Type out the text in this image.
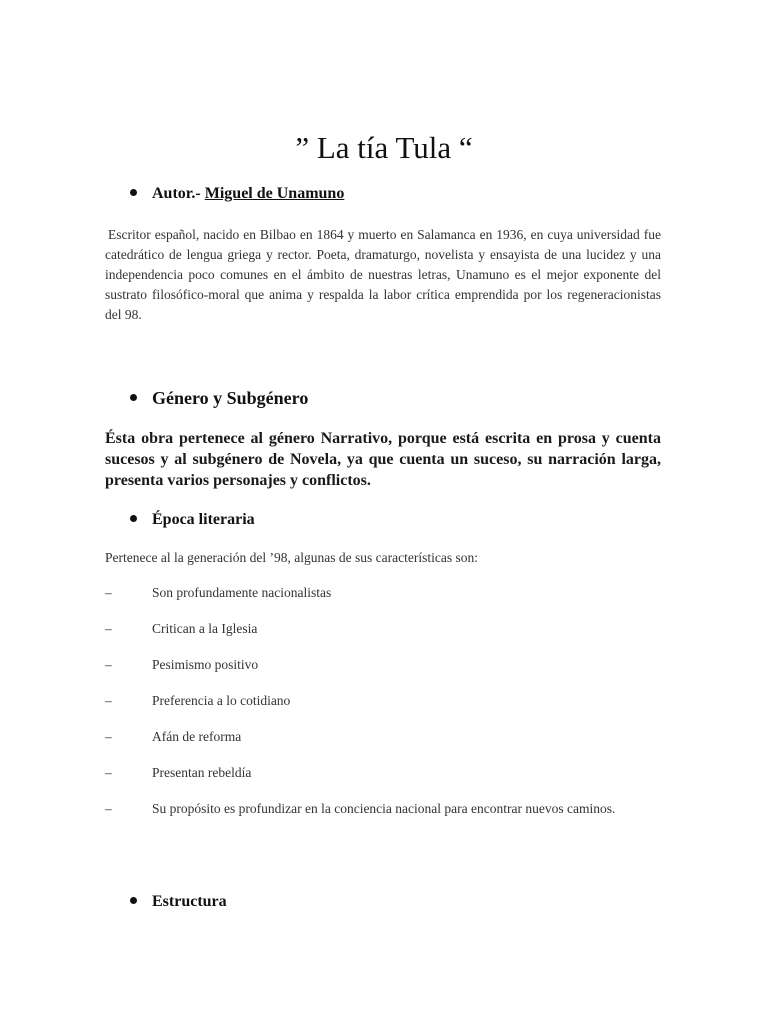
” La tía Tula “
Autor.- Miguel de Unamuno

Escritor español, nacido en Bilbao en 1864 y muerto en Salamanca en 1936, en cuya universidad fue catedrático de lengua griega y rector. Poeta, dramaturgo, novelista y ensayista de una lucidez y una independencia poco comunes en el ámbito de nuestras letras, Unamuno es el mejor exponente del sustrato filosófico-moral que anima y respalda la labor crítica emprendida por los regeneracionistas del 98.

Género y Subgénero

Ésta obra pertenece al género Narrativo, porque está escrita en prosa y cuenta sucesos y al subgénero de Novela, ya que cuenta un suceso, su narración larga, presenta varios personajes y conflictos.

Época literaria

Pertenece al la generación del ’98, algunas de sus características son:

–	Son profundamente nacionalistas
–	Critican a la Iglesia
–	Pesimismo positivo
–	Preferencia a lo cotidiano
–	Afán de reforma
–	Presentan rebeldía
–	Su propósito es profundizar en la conciencia nacional para encontrar nuevos caminos.
Estructura
